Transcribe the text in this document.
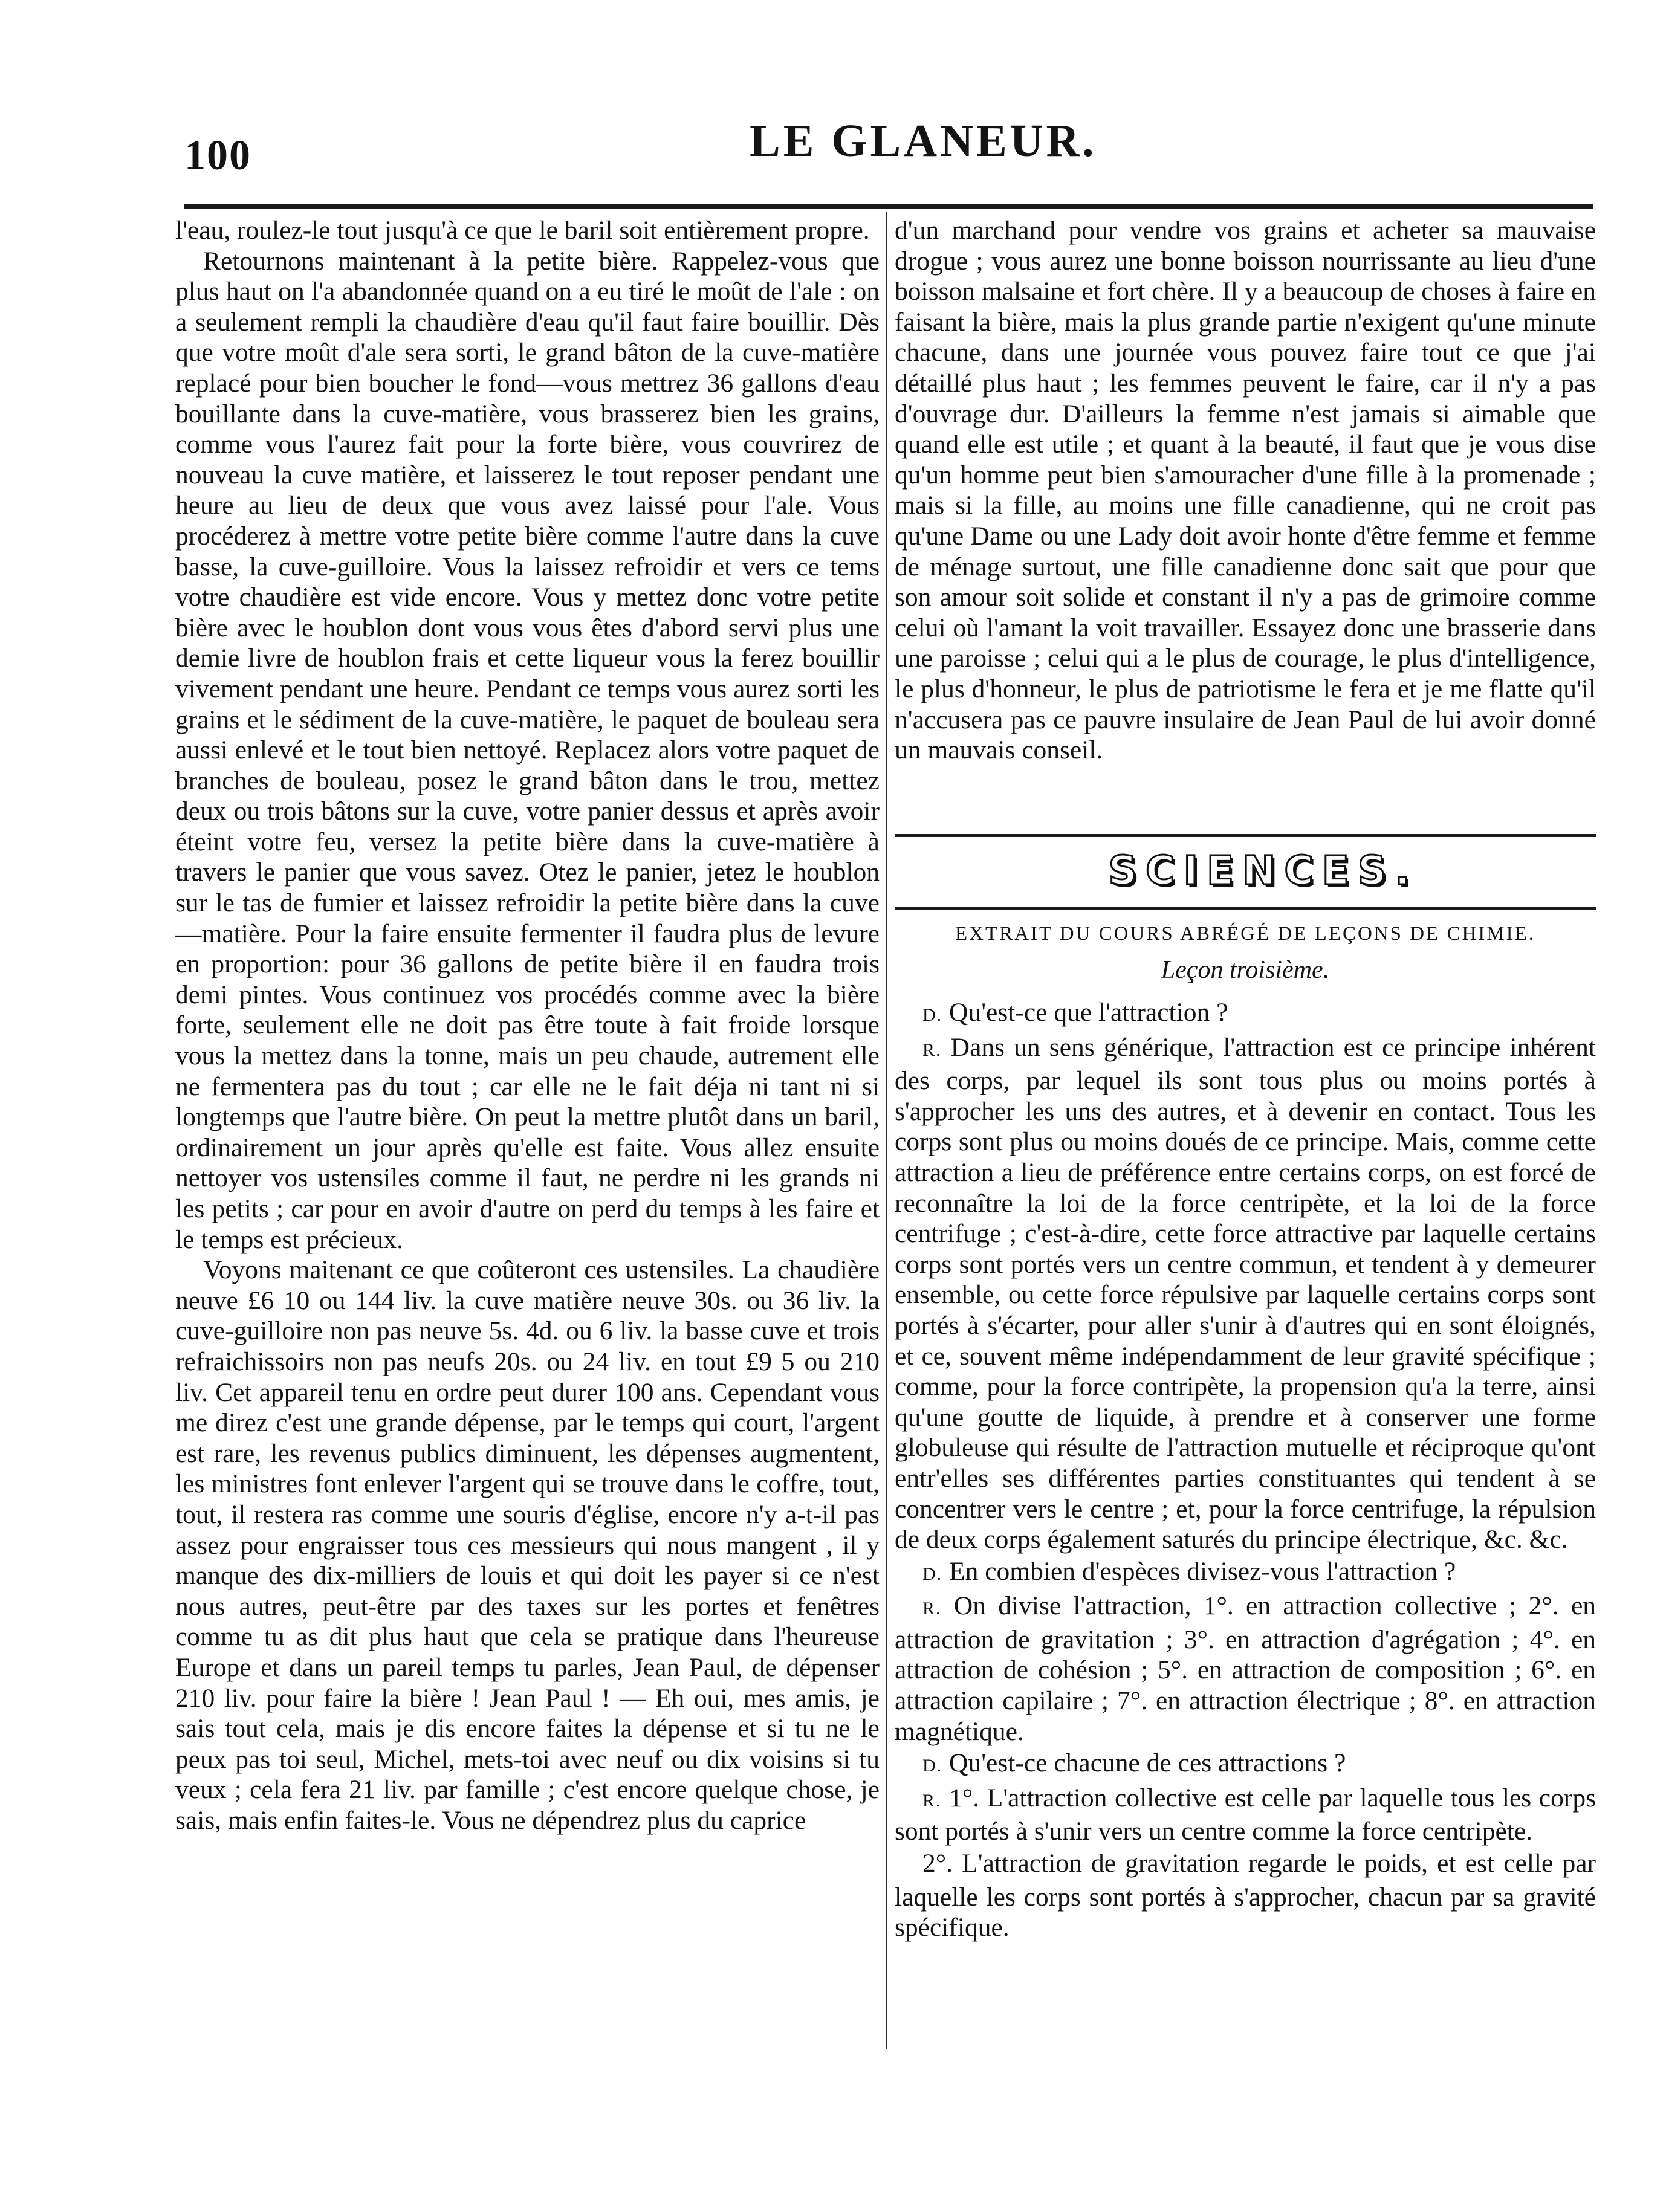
100	LE GLANEUR.

l'eau, roulez-le tout jusqu'à ce que le baril soit entièrement propre.

Retournons maintenant à la petite bière. Rappelez-vous que plus haut on l'a abandonnée quand on a eu tiré le moût de l'ale : on a seulement rempli la chaudière d'eau qu'il faut faire bouillir. Dès que votre moût d'ale sera sorti, le grand bâton de la cuve-matière replacé pour bien boucher le fond—vous mettrez 36 gallons d'eau bouillante dans la cuve-matière, vous brasserez bien les grains, comme vous l'aurez fait pour la forte bière, vous couvrirez de nouveau la cuve matière, et laisserez le tout reposer pendant une heure au lieu de deux que vous avez laissé pour l'ale. Vous procéderez à mettre votre petite bière comme l'autre dans la cuve basse, la cuve-guilloire. Vous la laissez refroidir et vers ce tems votre chaudière est vide encore. Vous y mettez donc votre petite bière avec le houblon dont vous vous êtes d'abord servi plus une demie livre de houblon frais et cette liqueur vous la ferez bouillir vivement pendant une heure. Pendant ce temps vous aurez sorti les grains et le sédiment de la cuve-matière, le paquet de bouleau sera aussi enlevé et le tout bien nettoyé. Replacez alors votre paquet de branches de bouleau, posez le grand bâton dans le trou, mettez deux ou trois bâtons sur la cuve, votre panier dessus et après avoir éteint votre feu, versez la petite bière dans la cuve-matière à travers le panier que vous savez. Otez le panier, jetez le houblon sur le tas de fumier et laissez refroidir la petite bière dans la cuve—matière. Pour la faire ensuite fermenter il faudra plus de levure en proportion: pour 36 gallons de petite bière il en faudra trois demi pintes. Vous continuez vos procédés comme avec la bière forte, seulement elle ne doit pas être toute à fait froide lorsque vous la mettez dans la tonne, mais un peu chaude, autrement elle ne fermentera pas du tout ; car elle ne le fait déja ni tant ni si longtemps que l'autre bière. On peut la mettre plutôt dans un baril, ordinairement un jour après qu'elle est faite. Vous allez ensuite nettoyer vos ustensiles comme il faut, ne perdre ni les grands ni les petits ; car pour en avoir d'autre on perd du temps à les faire et le temps est précieux.

Voyons maitenant ce que coûteront ces ustensiles. La chaudière neuve £6 10 ou 144 liv. la cuve matière neuve 30s. ou 36 liv. la cuve-guilloire non pas neuve 5s. 4d. ou 6 liv. la basse cuve et trois refraichissoirs non pas neufs 20s. ou 24 liv. en tout £9 5 ou 210 liv. Cet appareil tenu en ordre peut durer 100 ans. Cependant vous me direz c'est une grande dépense, par le temps qui court, l'argent est rare, les revenus publics diminuent, les dépenses augmentent, les ministres font enlever l'argent qui se trouve dans le coffre, tout, tout, il restera ras comme une souris d'église, encore n'y a-t-il pas assez pour engraisser tous ces messieurs qui nous mangent , il y manque des dix-milliers de louis et qui doit les payer si ce n'est nous autres, peut-être par des taxes sur les portes et fenêtres comme tu as dit plus haut que cela se pratique dans l'heureuse Europe et dans un pareil temps tu parles, Jean Paul, de dépenser 210 liv. pour faire la bière ! Jean Paul ! — Eh oui, mes amis, je sais tout cela, mais je dis encore faites la dépense et si tu ne le peux pas toi seul, Michel, mets-toi avec neuf ou dix voisins si tu veux ; cela fera 21 liv. par famille ; c'est encore quelque chose, je sais, mais enfin faites-le. Vous ne dépendrez plus du caprice

d'un marchand pour vendre vos grains et acheter sa mauvaise drogue ; vous aurez une bonne boisson nourrissante au lieu d'une boisson malsaine et fort chère. Il y a beaucoup de choses à faire en faisant la bière, mais la plus grande partie n'exigent qu'une minute chacune, dans une journée vous pouvez faire tout ce que j'ai détaillé plus haut ; les femmes peuvent le faire, car il n'y a pas d'ouvrage dur. D'ailleurs la femme n'est jamais si aimable que quand elle est utile ; et quant à la beauté, il faut que je vous dise qu'un homme peut bien s'amouracher d'une fille à la promenade ; mais si la fille, au moins une fille canadienne, qui ne croit pas qu'une Dame ou une Lady doit avoir honte d'être femme et femme de ménage surtout, une fille canadienne donc sait que pour que son amour soit solide et constant il n'y a pas de grimoire comme celui où l'amant la voit travailler. Essayez donc une brasserie dans une paroisse ; celui qui a le plus de courage, le plus d'intelligence, le plus d'honneur, le plus de patriotisme le fera et je me flatte qu'il n'accusera pas ce pauvre insulaire de Jean Paul de lui avoir donné un mauvais conseil.

SCIENCES.
EXTRAIT DU COURS ABRÉGÉ DE LEÇONS DE CHIMIE.
Leçon troisième.

D. Qu'est-ce que l'attraction ?

R. Dans un sens générique, l'attraction est ce principe inhérent des corps, par lequel ils sont tous plus ou moins portés à s'approcher les uns des autres, et à devenir en contact. Tous les corps sont plus ou moins doués de ce principe. Mais, comme cette attraction a lieu de préférence entre certains corps, on est forcé de reconnaître la loi de la force centripète, et la loi de la force centrifuge ; c'est-à-dire, cette force attractive par laquelle certains corps sont portés vers un centre commun, et tendent à y demeurer ensemble, ou cette force répulsive par laquelle certains corps sont portés à s'écarter, pour aller s'unir à d'autres qui en sont éloignés, et ce, souvent même indépendamment de leur gravité spécifique ; comme, pour la force contripète, la propension qu'a la terre, ainsi qu'une goutte de liquide, à prendre et à conserver une forme globuleuse qui résulte de l'attraction mutuelle et réciproque qu'ont entr'elles ses différentes parties constituantes qui tendent à se concentrer vers le centre ; et, pour la force centrifuge, la répulsion de deux corps également saturés du principe électrique, &c. &c.

D. En combien d'espèces divisez-vous l'attraction ?

R. On divise l'attraction, 1°. en attraction collective ; 2°. en attraction de gravitation ; 3°. en attraction d'agrégation ; 4°. en attraction de cohésion ; 5°. en attraction de composition ; 6°. en attraction capilaire ; 7°. en attraction électrique ; 8°. en attraction magnétique.

D. Qu'est-ce chacune de ces attractions ?

R. 1°. L'attraction collective est celle par laquelle tous les corps sont portés à s'unir vers un centre comme la force centripète.

2°. L'attraction de gravitation regarde le poids, et est celle par laquelle les corps sont portés à s'approcher, chacun par sa gravité spécifique.
